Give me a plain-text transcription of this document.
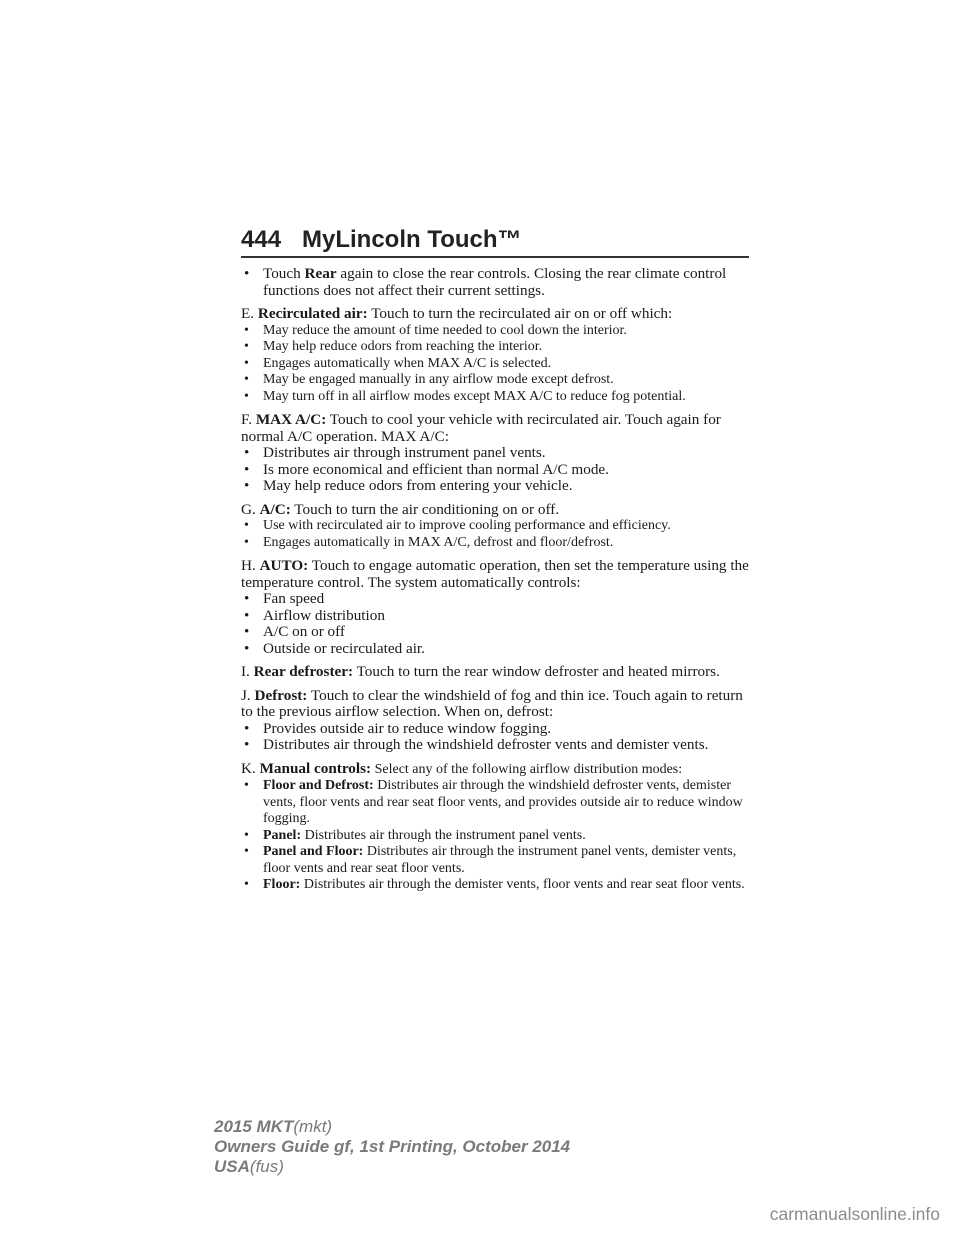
444 MyLincoln Touch™

• Touch Rear again to close the rear controls. Closing the rear climate control functions does not affect their current settings.

E. Recirculated air: Touch to turn the recirculated air on or off which:

• May reduce the amount of time needed to cool down the interior.

• May help reduce odors from reaching the interior.

• Engages automatically when MAX A/C is selected.

• May be engaged manually in any airflow mode except defrost.

• May turn off in all airflow modes except MAX A/C to reduce fog potential.

F. MAX A/C: Touch to cool your vehicle with recirculated air. Touch again for normal A/C operation. MAX A/C:

• Distributes air through instrument panel vents.

• Is more economical and efficient than normal A/C mode.

• May help reduce odors from entering your vehicle.

G. A/C: Touch to turn the air conditioning on or off.

• Use with recirculated air to improve cooling performance and efficiency.

• Engages automatically in MAX A/C, defrost and floor/defrost.

H. AUTO: Touch to engage automatic operation, then set the temperature using the temperature control. The system automatically controls:

• Fan speed

• Airflow distribution

• A/C on or off

• Outside or recirculated air.

I. Rear defroster: Touch to turn the rear window defroster and heated mirrors.

J. Defrost: Touch to clear the windshield of fog and thin ice. Touch again to return to the previous airflow selection. When on, defrost:

• Provides outside air to reduce window fogging.

• Distributes air through the windshield defroster vents and demister vents.

K. Manual controls: Select any of the following airflow distribution modes:

• Floor and Defrost: Distributes air through the windshield defroster vents, demister vents, floor vents and rear seat floor vents, and provides outside air to reduce window fogging.

• Panel: Distributes air through the instrument panel vents.

• Panel and Floor: Distributes air through the instrument panel vents, demister vents, floor vents and rear seat floor vents.

• Floor: Distributes air through the demister vents, floor vents and rear seat floor vents.

2015 MKT(mkt)
Owners Guide gf, 1st Printing, October 2014
USA(fus)
carmanualsonline.info
